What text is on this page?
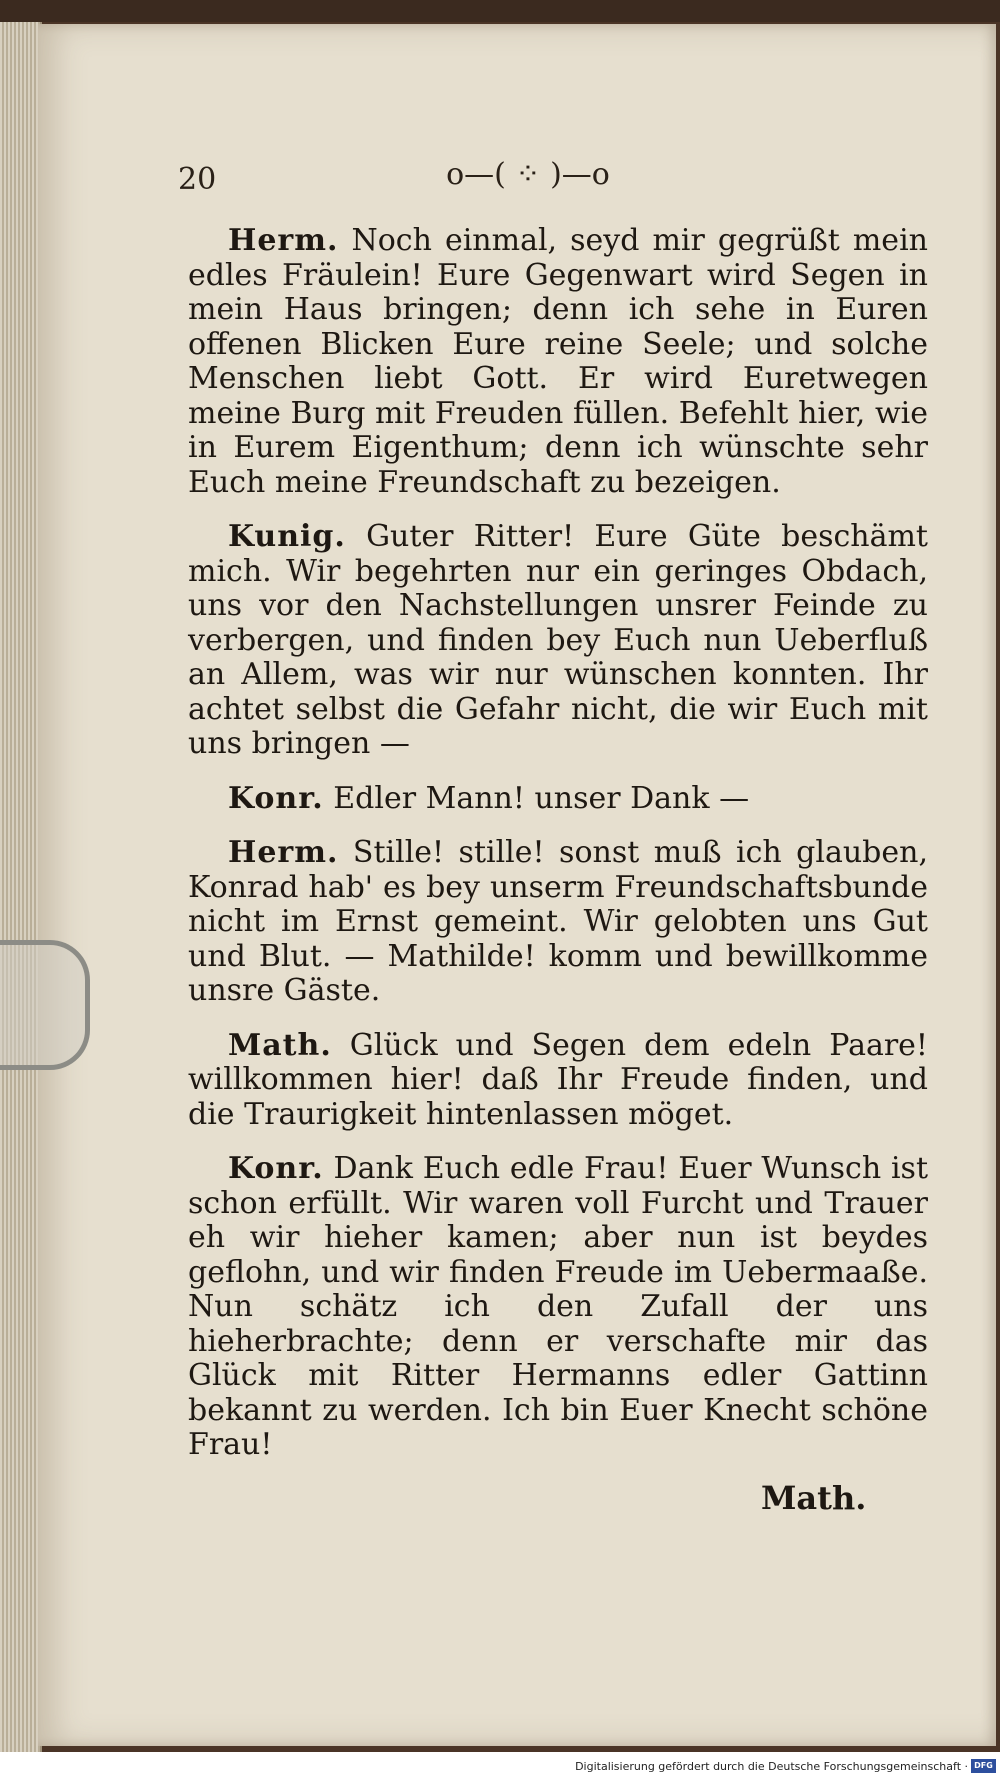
20	o—( ⁘ )—o

Herm. Noch einmal, seyd mir gegrüßt mein edles Fräulein! Eure Gegenwart wird Segen in mein Haus bringen; denn ich sehe in Euren offenen Blicken Eure reine Seele; und solche Menschen liebt Gott. Er wird Euretwegen meine Burg mit Freuden füllen. Befehlt hier, wie in Eurem Eigenthum; denn ich wünschte sehr Euch meine Freundschaft zu bezeigen.

Kunig. Guter Ritter! Eure Güte beschämt mich. Wir begehrten nur ein geringes Obdach, uns vor den Nachstellungen unsrer Feinde zu verbergen, und finden bey Euch nun Ueberfluß an Allem, was wir nur wünschen konnten. Ihr achtet selbst die Gefahr nicht, die wir Euch mit uns bringen —

Konr. Edler Mann! unser Dank —

Herm. Stille! stille! sonst muß ich glauben, Konrad hab' es bey unserm Freundschaftsbunde nicht im Ernst gemeint. Wir gelobten uns Gut und Blut. — Mathilde! komm und bewillkomme unsre Gäste.

Math. Glück und Segen dem edeln Paare! willkommen hier! daß Ihr Freude finden, und die Traurigkeit hintenlassen möget.

Konr. Dank Euch edle Frau! Euer Wunsch ist schon erfüllt. Wir waren voll Furcht und Trauer eh wir hieher kamen; aber nun ist beydes geflohn, und wir finden Freude im Uebermaaße. Nun schätz ich den Zufall der uns hieherbrachte; denn er verschafte mir das Glück mit Ritter Hermanns edler Gattinn bekannt zu werden. Ich bin Euer Knecht schöne Frau!

Math.
Digitalisierung gefördert durch die Deutsche Forschungsgemeinschaft · DFG
